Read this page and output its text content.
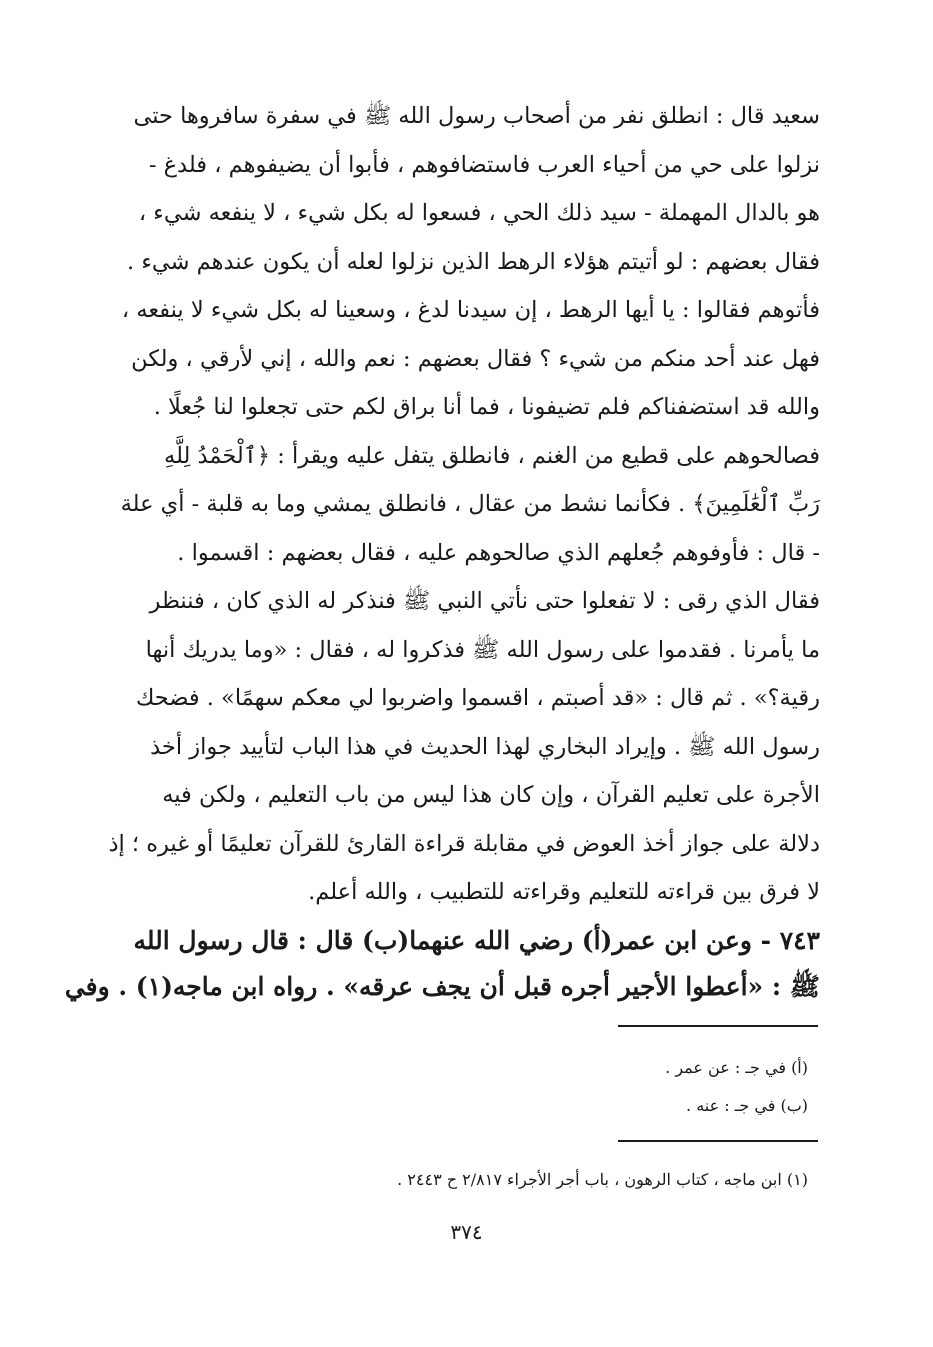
سعيد قال : انطلق نفر من أصحاب رسول الله ﷺ في سفرة سافروها حتى
نزلوا على حي من أحياء العرب فاستضافوهم ، فأبوا أن يضيفوهم ، فلدغ -
هو بالدال المهملة - سيد ذلك الحي ، فسعوا له بكل شيء ، لا ينفعه شيء ،
فقال بعضهم : لو أتيتم هؤلاء الرهط الذين نزلوا لعله أن يكون عندهم شيء .
فأتوهم فقالوا : يا أيها الرهط ، إن سيدنا لدغ ، وسعينا له بكل شيء لا ينفعه ،
فهل عند أحد منكم من شيء ؟ فقال بعضهم : نعم والله ، إني لأرقي ، ولكن
والله قد استضفناكم فلم تضيفونا ، فما أنا براق لكم حتى تجعلوا لنا جُعلًا .
فصالحوهم على قطيع من الغنم ، فانطلق يتفل عليه ويقرأ : ﴿ٱلْحَمْدُ لِلَّهِ
رَبِّ ٱلْعَٰلَمِينَ﴾ . فكأنما نشط من عقال ، فانطلق يمشي وما به قلبة - أي علة
- قال : فأوفوهم جُعلهم الذي صالحوهم عليه ، فقال بعضهم : اقسموا .
فقال الذي رقى : لا تفعلوا حتى نأتي النبي ﷺ فنذكر له الذي كان ، فننظر
ما يأمرنا . فقدموا على رسول الله ﷺ فذكروا له ، فقال : «وما يدريك أنها
رقية؟» . ثم قال : «قد أصبتم ، اقسموا واضربوا لي معكم سهمًا» . فضحك
رسول الله ﷺ . وإيراد البخاري لهذا الحديث في هذا الباب لتأييد جواز أخذ
الأجرة على تعليم القرآن ، وإن كان هذا ليس من باب التعليم ، ولكن فيه
دلالة على جواز أخذ العوض في مقابلة قراءة القارئ للقرآن تعليمًا أو غيره ؛ إذ
لا فرق بين قراءته للتعليم وقراءته للتطبيب ، والله أعلم.
٧٤٣ - وعن ابن عمر(أ) رضي الله عنهما(ب) قال : قال رسول الله
ﷺ : «أعطوا الأجير أجره قبل أن يجف عرقه» . رواه ابن ماجه(١) . وفي
(أ) في جـ : عن عمر .
(ب) في جـ : عنه .
(١) ابن ماجه ، كتاب الرهون ، باب أجر الأجراء ٢/٨١٧ ح ٢٤٤٣ .
٣٧٤
